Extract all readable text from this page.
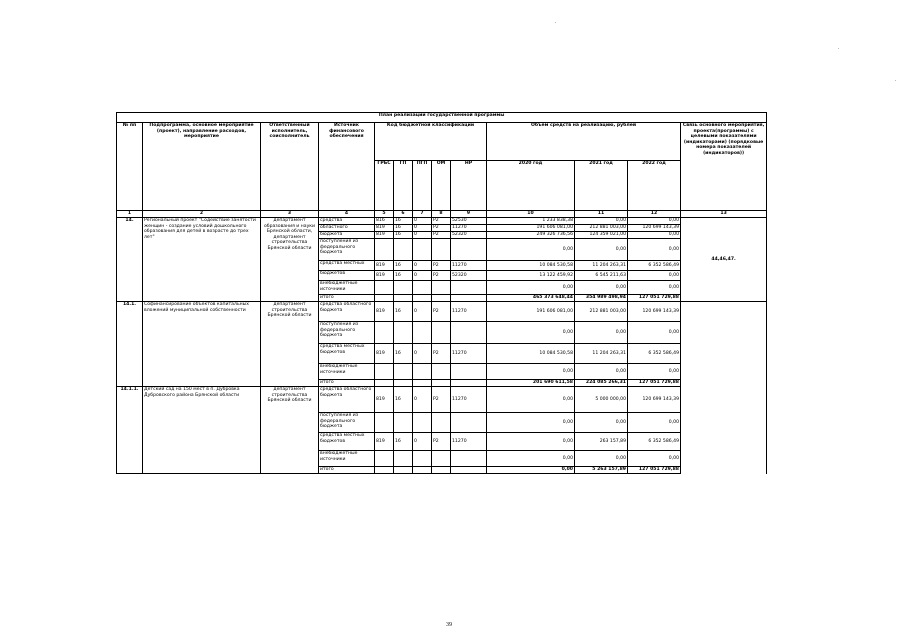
План реализации государственной программы												
№ пп	Подпрограмма, основное мероприятие (проект), направление расходов, мероприятие	Ответственный исполнитель, соисполнитель	Источник финансового обеспечения	Код бюджетной классификации					Объём средств на реализацию, рублей			Связь основного мероприятия, проекта(программы) с целевыми показателями (индикаторами) (порядковые номера показателей (индикаторов))
				ГРБС	ГП	ПГП	ОМ	НР	2020 год	2021 год	2022 год	
1	2	3	4	5	6	7	8	9	10	11	12	13
14.	Региональный проект "Содействие занятости женщин - создание условий дошкольного образования для детей в возрасте до трех лет"	департамент образования и науки Брянской области, департамент строительства Брянской области	средства	816	16	0	P2	52530	1 233 838,38	0,00	0,00	44,46,47.
			областного	819	16	0	P2	11270	191 606 081,00	212 881 003,00	120 699 143,39	
			бюджета	819	16	0	P2	52320	249 326 736,56	124 359 021,00	0,00	
			поступления из федерального бюджета						0,00	0,00	0,00	
			средства местных	819	16	0	P2	11270	10 084 530,58	11 204 263,31	6 352 586,49	
			бюджетов	819	16	0	P2	52320	13 122 459,92	6 545 211,63	0,00	
			внебюджетные источники						0,00	0,00	0,00	
			итого						465 373 648,44	354 989 498,94	127 051 729,88	
14.1.	Софинансирование объектов капитальных вложений муниципальной собственности	департамент строительства Брянской области	средства областного бюджета	819	16	0	P2	11270	191 606 081,00	212 881 003,00	120 699 143,39	
			поступления из федерального бюджета						0,00	0,00	0,00	
			средства местных бюджетов	819	16	0	P2	11270	10 084 530,58	11 204 263,31	6 352 586,49	
			внебюджетные источники						0,00	0,00	0,00	
			итого						201 690 611,58	224 085 266,31	127 051 729,88	
14.1.1.	Детский сад на 150 мест в п. Дубровка Дубровского района Брянской области	департамент строительства Брянской области	средства областного бюджета	819	16	0	P2	11270	0,00	5 000 000,00	120 699 143,39	
			поступления из федерального бюджета						0,00	0,00	0,00	
			средства местных бюджетов	819	16	0	P2	11270	0,00	263 157,89	6 352 586,49	
			внебюджетные источники						0,00	0,00	0,00	
			итого						0,00	5 263 157,89	127 051 729,88	
39
